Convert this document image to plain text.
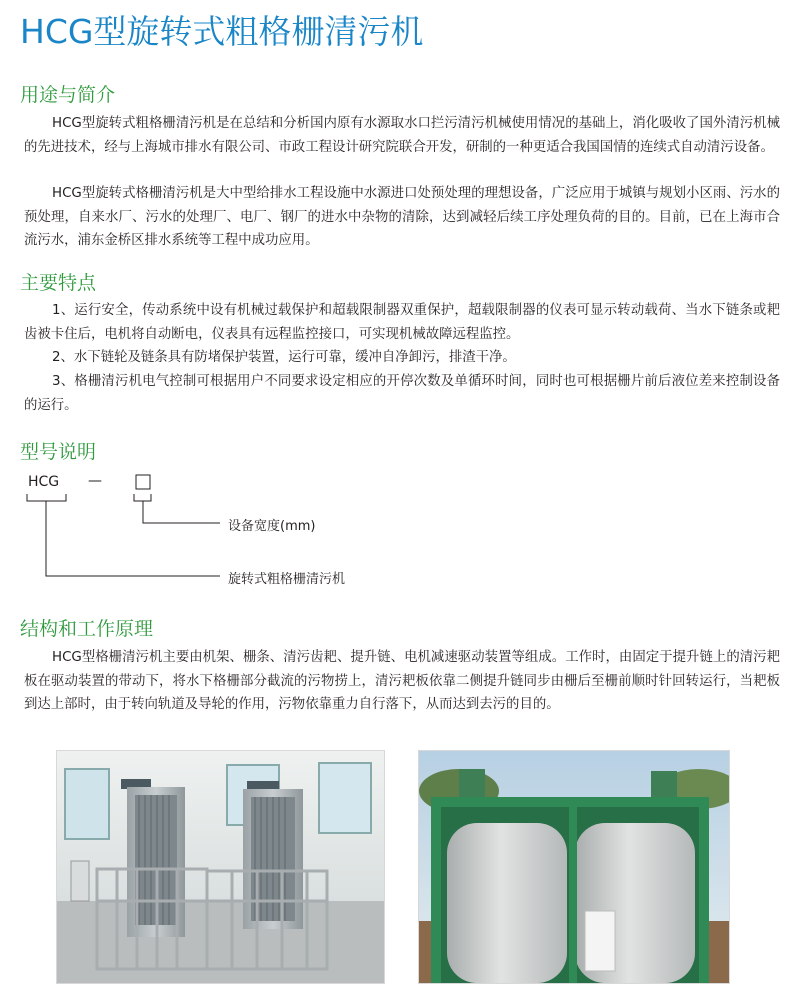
HCG型旋转式粗格栅清污机
用途与简介

HCG型旋转式粗格栅清污机是在总结和分析国内原有水源取水口拦污清污机械使用情况的基础上，消化吸收了国外清污机械的先进技术，经与上海城市排水有限公司、市政工程设计研究院联合开发，研制的一种更适合我国国情的连续式自动清污设备。

HCG型旋转式格栅清污机是大中型给排水工程设施中水源进口处预处理的理想设备，广泛应用于城镇与规划小区雨、污水的预处理，自来水厂、污水的处理厂、电厂、钢厂的进水中杂物的清除，达到减轻后续工序处理负荷的目的。目前，已在上海市合流污水，浦东金桥区排水系统等工程中成功应用。

主要特点

1、运行安全，传动系统中设有机械过载保护和超载限制器双重保护，超载限制器的仪表可显示转动载荷、当水下链条或耙齿被卡住后，电机将自动断电，仪表具有远程监控接口，可实现机械故障远程监控。

2、水下链轮及链条具有防堵保护装置，运行可靠，缓冲自净卸污，排渣干净。

3、格栅清污机电气控制可根据用户不同要求设定相应的开停次数及单循环时间，同时也可根据栅片前后液位差来控制设备的运行。

型号说明
HCG —
设备宽度(mm)
旋转式粗格栅清污机
结构和工作原理

HCG型格栅清污机主要由机架、栅条、清污齿耙、提升链、电机减速驱动装置等组成。工作时，由固定于提升链上的清污耙板在驱动装置的带动下，将水下格栅部分截流的污物捞上，清污耙板依靠二侧提升链同步由栅后至栅前顺时针回转运行，当耙板到达上部时，由于转向轨道及导轮的作用，污物依靠重力自行落下，从而达到去污的目的。
